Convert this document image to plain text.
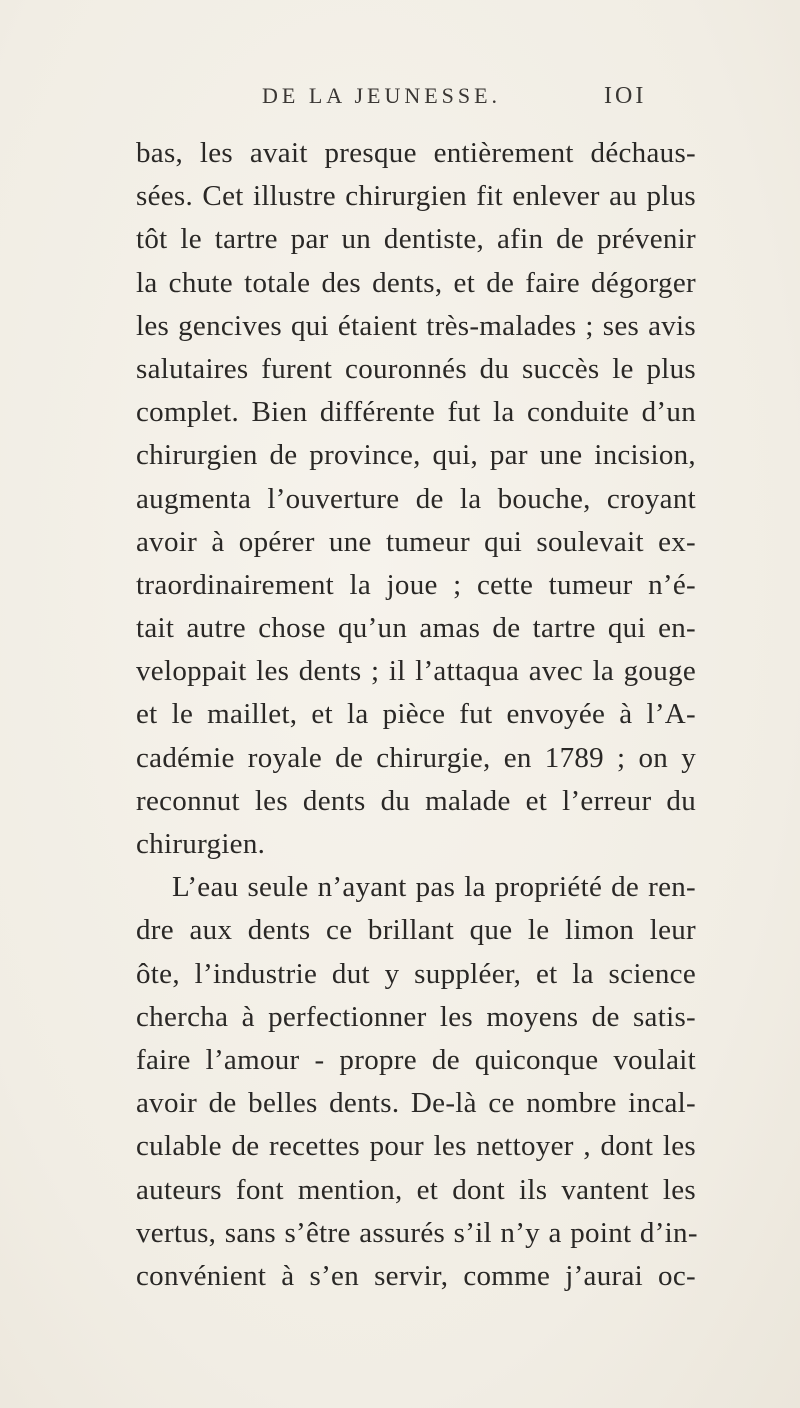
DE LA JEUNESSE.	IOI
bas, les avait presque entièrement déchaus-
sées. Cet illustre chirurgien fit enlever au plus
tôt le tartre par un dentiste, afin de prévenir
la chute totale des dents, et de faire dégorger
les gencives qui étaient très-malades ; ses avis
salutaires furent couronnés du succès le plus
complet. Bien différente fut la conduite d’un
chirurgien de province, qui, par une incision,
augmenta l’ouverture de la bouche, croyant
avoir à opérer une tumeur qui soulevait ex-
traordinairement la joue ; cette tumeur n’é-
tait autre chose qu’un amas de tartre qui en-
veloppait les dents ; il l’attaqua avec la gouge
et le maillet, et la pièce fut envoyée à l’A-
cadémie royale de chirurgie, en 1789 ; on y
reconnut les dents du malade et l’erreur du
chirurgien.
L’eau seule n’ayant pas la propriété de ren-
dre aux dents ce brillant que le limon leur
ôte, l’industrie dut y suppléer, et la science
chercha à perfectionner les moyens de satis-
faire l’amour - propre de quiconque voulait
avoir de belles dents. De-là ce nombre incal-
culable de recettes pour les nettoyer , dont les
auteurs font mention, et dont ils vantent les
vertus, sans s’être assurés s’il n’y a point d’in-
convénient à s’en servir, comme j’aurai oc-
